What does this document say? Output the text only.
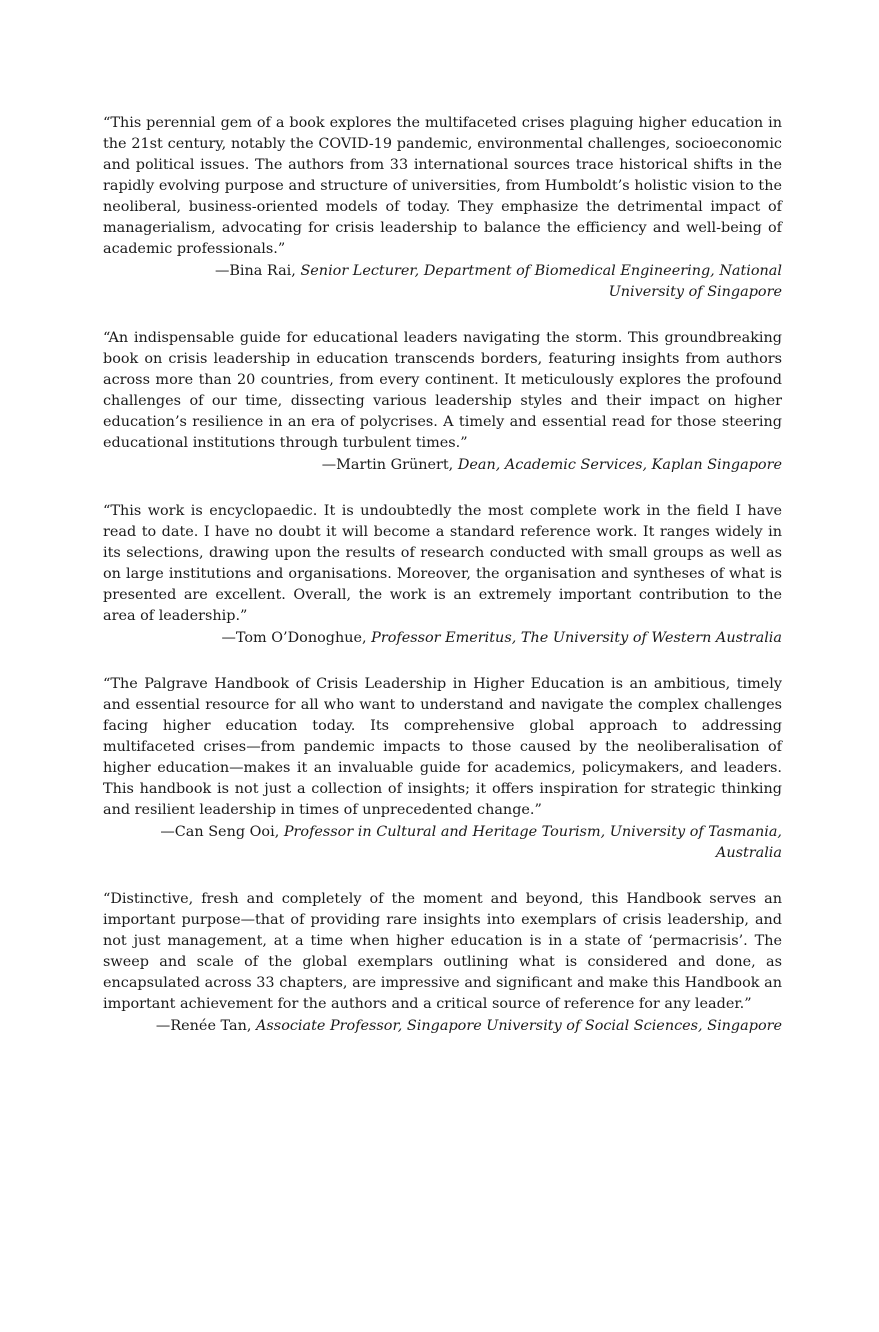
“This perennial gem of a book explores the multifaceted crises plaguing higher education in the 21st century, notably the COVID-19 pandemic, environmental challenges, socioeconomic and political issues. The authors from 33 international sources trace historical shifts in the rapidly evolving purpose and structure of universities, from Humboldt’s holistic vision to the neoliberal, business-oriented models of today. They emphasize the detrimental impact of managerialism, advocating for crisis leadership to balance the efficiency and well-being of academic professionals.”

—Bina Rai, Senior Lecturer, Department of Biomedical Engineering, National University of Singapore

“An indispensable guide for educational leaders navigating the storm. This groundbreaking book on crisis leadership in education transcends borders, featuring insights from authors across more than 20 countries, from every continent. It meticulously explores the profound challenges of our time, dissecting various leadership styles and their impact on higher education’s resilience in an era of polycrises. A timely and essential read for those steering educational institutions through turbulent times.”

—Martin Grünert, Dean, Academic Services, Kaplan Singapore

“This work is encyclopaedic. It is undoubtedly the most complete work in the field I have read to date. I have no doubt it will become a standard reference work. It ranges widely in its selections, drawing upon the results of research conducted with small groups as well as on large institutions and organisations. Moreover, the organisation and syntheses of what is presented are excellent. Overall, the work is an extremely important contribution to the area of leadership.”

—Tom O’Donoghue, Professor Emeritus, The University of Western Australia

“The Palgrave Handbook of Crisis Leadership in Higher Education is an ambitious, timely and essential resource for all who want to understand and navigate the complex challenges facing higher education today. Its comprehensive global approach to addressing multifaceted crises—from pandemic impacts to those caused by the neoliberalisation of higher education—makes it an invaluable guide for academics, policymakers, and leaders. This handbook is not just a collection of insights; it offers inspiration for strategic thinking and resilient leadership in times of unprecedented change.”

—Can Seng Ooi, Professor in Cultural and Heritage Tourism, University of Tasmania, Australia

“Distinctive, fresh and completely of the moment and beyond, this Handbook serves an important purpose—that of providing rare insights into exemplars of crisis leadership, and not just management, at a time when higher education is in a state of ‘permacrisis’. The sweep and scale of the global exemplars outlining what is considered and done, as encapsulated across 33 chapters, are impressive and significant and make this Handbook an important achievement for the authors and a critical source of reference for any leader.”

—Renée Tan, Associate Professor, Singapore University of Social Sciences, Singapore
